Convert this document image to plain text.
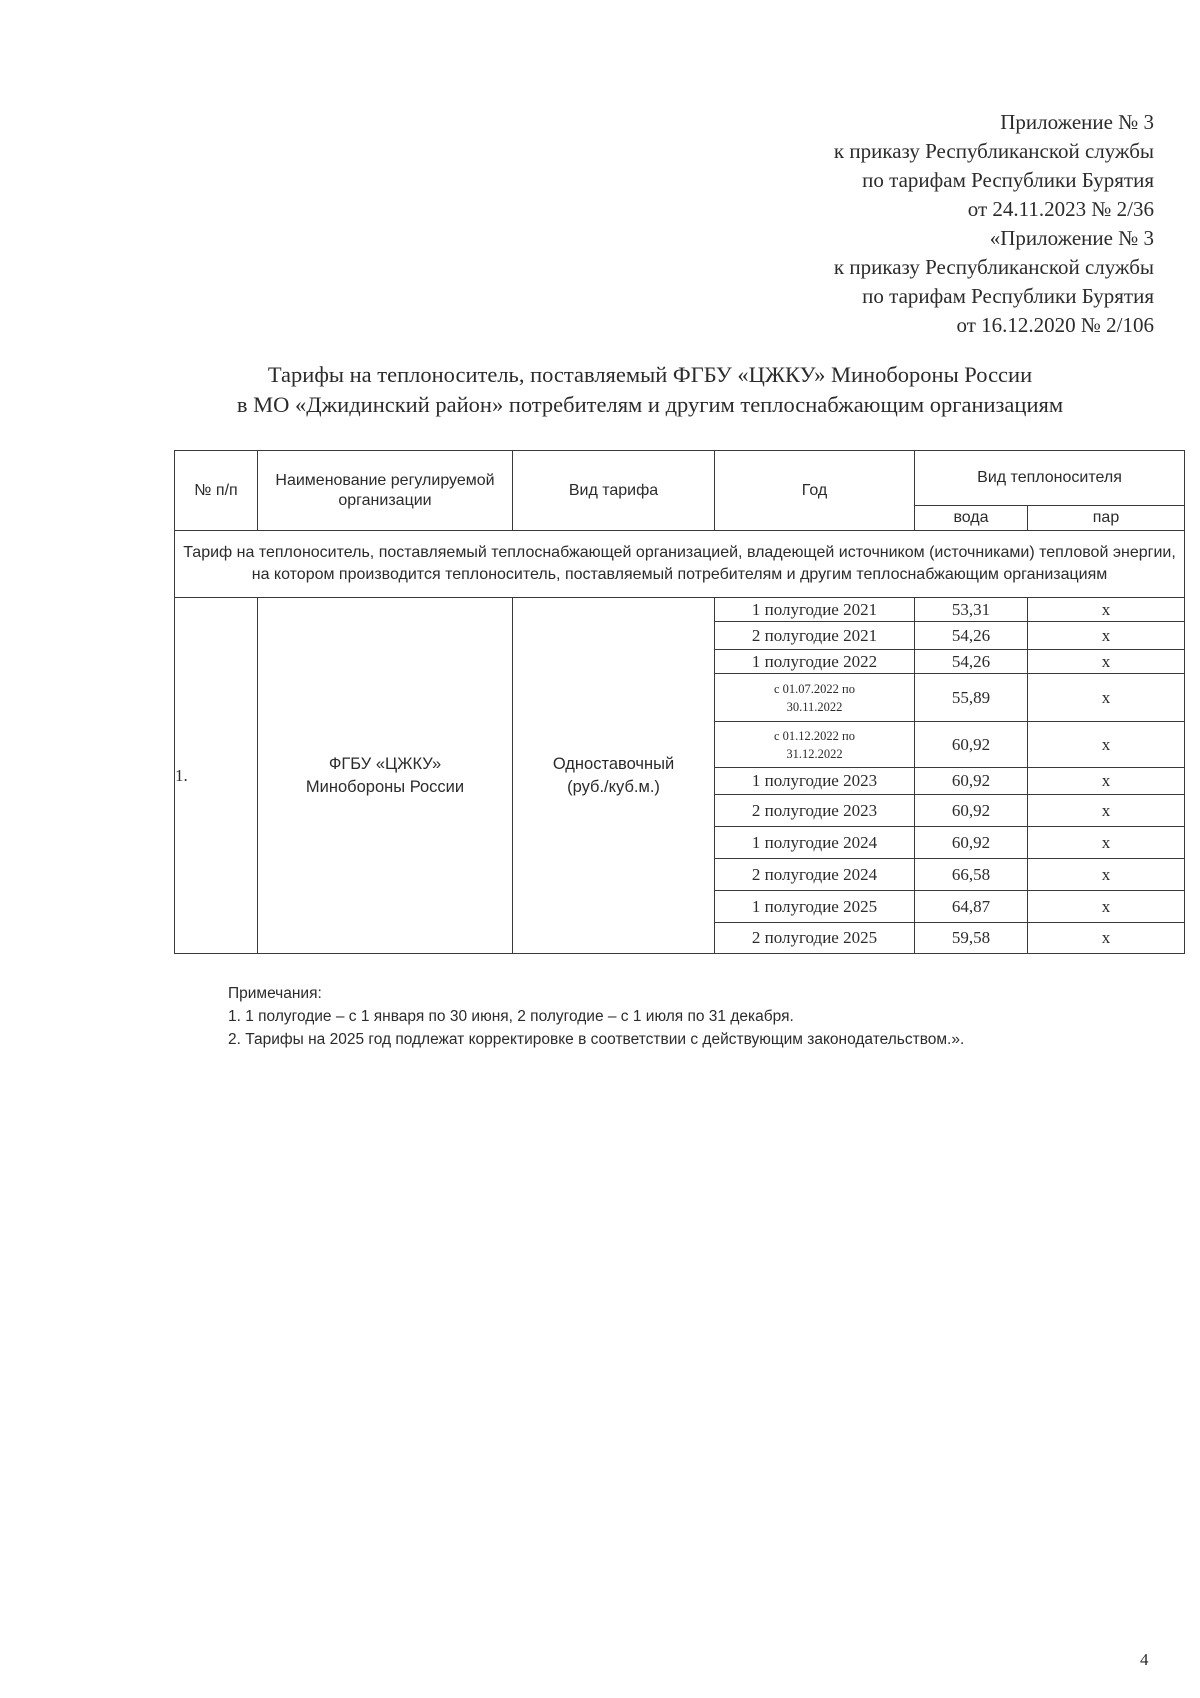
Приложение № 3
к приказу Республиканской службы
по тарифам Республики Бурятия
от 24.11.2023 № 2/36
«Приложение № 3
к приказу Республиканской службы
по тарифам Республики Бурятия
от 16.12.2020 № 2/106
Тарифы на теплоноситель, поставляемый ФГБУ «ЦЖКУ» Минобороны России
в МО «Джидинский район» потребителям и другим теплоснабжающим организациям
№ п/п	Наименование регулируемой организации	Вид тарифа	Год	Вид теплоносителя	
				вода	пар
Тариф на теплоноситель, поставляемый теплоснабжающей организацией, владеющей источником (источниками) тепловой энергии, на котором производится теплоноситель, поставляемый потребителям и другим теплоснабжающим организациям					
1.	ФГБУ «ЦЖКУ» Минобороны России	Одноставочный (руб./куб.м.)	1 полугодие 2021	53,31	x
			2 полугодие 2021	54,26	x
			1 полугодие 2022	54,26	x
			с 01.07.2022 по 30.11.2022	55,89	x
			с 01.12.2022 по 31.12.2022	60,92	x
			1 полугодие 2023	60,92	x
			2 полугодие 2023	60,92	x
			1 полугодие 2024	60,92	x
			2 полугодие 2024	66,58	x
			1 полугодие 2025	64,87	x
			2 полугодие 2025	59,58	x
Примечания:
1. 1 полугодие – с 1 января по 30 июня, 2 полугодие – с 1 июля по 31 декабря.
2. Тарифы на 2025 год подлежат корректировке в соответствии с действующим законодательством.».
4
